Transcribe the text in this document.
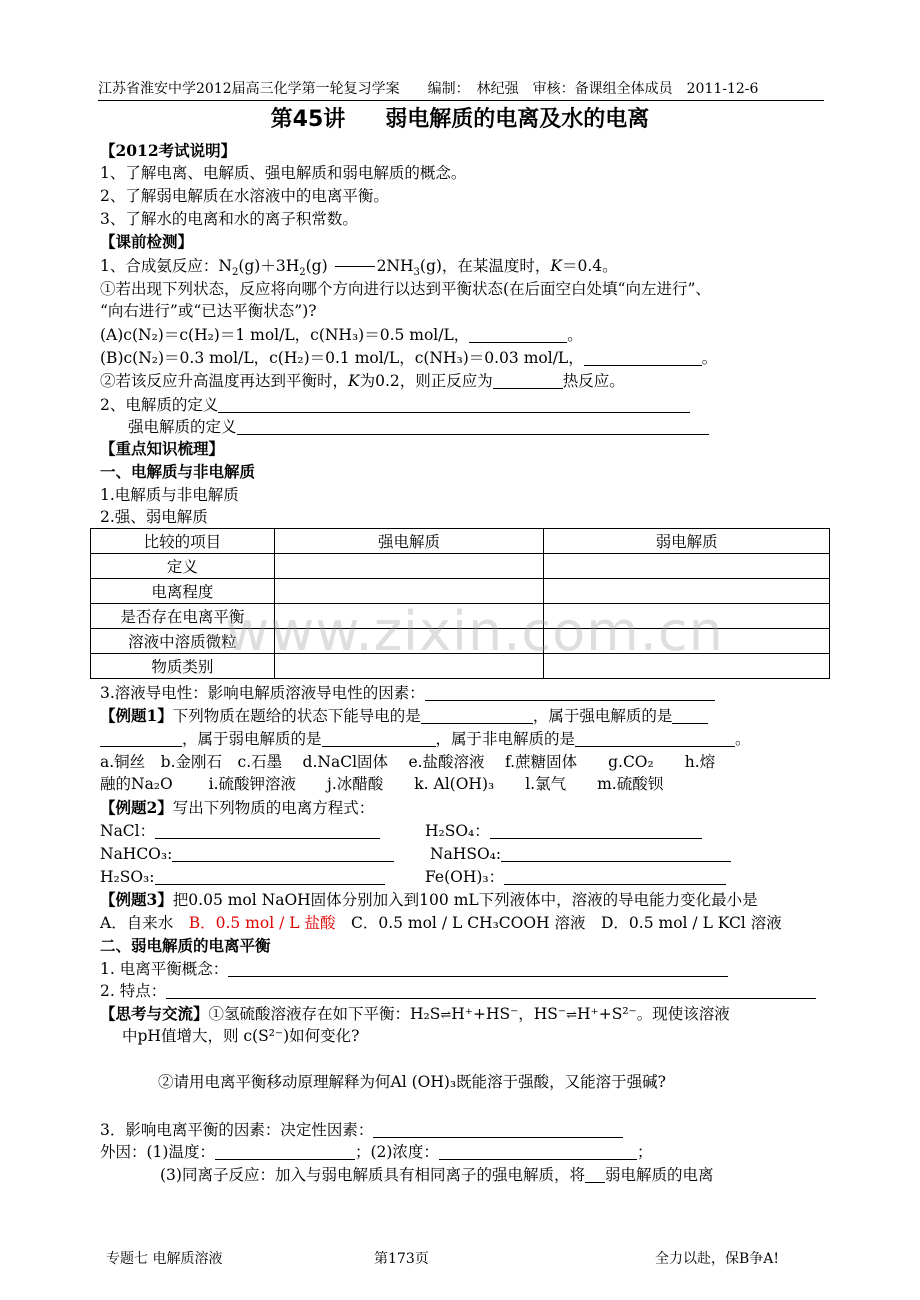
江苏省淮安中学2012届高三化学第一轮复习学案　　编制：　林纪强　审核：备课组全体成员　2011-12-6
第45讲 弱电解质的电离及水的电离
【2012考试说明】
1、了解电离、电解质、强电解质和弱电解质的概念。
2、了解弱电解质在水溶液中的电离平衡。
3、了解水的电离和水的离子积常数。
【课前检测】
1、合成氨反应：$N_2(g)+3H_2(g)$	$2NH_3(g)$，在某温度时，K＝0.4。
①若出现下列状态，反应将向哪个方向进行以达到平衡状态(在后面空白处填“向左进行”、
“向右进行”或“已达平衡状态”)?
(A)c(N₂)＝c(H₂)＝1 mol/L，c(NH₃)＝0.5 mol/L，	。
(B)c(N₂)＝0.3 mol/L，c(H₂)＝0.1 mol/L，c(NH₃)＝0.03 mol/L，	。
②若该反应升高温度再达到平衡时，K为0.2，则正反应为	热反应。
2、电解质的定义
强电解质的定义
【重点知识梳理】
一、电解质与非电解质
1.电解质与非电解质
2.强、弱电解质
比较的项目	强电解质	弱电解质
定义		
电离程度		
是否存在电离平衡		
溶液中溶质微粒		
物质类别		
www.zixin.com.cn
3.溶液导电性：影响电解质溶液导电性的因素：
【例题1】下列物质在题给的状态下能导电的是	，属于强电解质的是
，属于弱电解质的是	，属于非电解质的是	。
a.铜丝　b.金刚石　c.石墨　 d.NaCl固体　 e.盐酸溶液　 f.蔗糖固体　　g.CO₂　　h.熔
融的Na₂O　　 i.硫酸钾溶液　　j.冰醋酸　　k. Al(OH)₃　　l.氯气　　m.硫酸钡
【例题2】写出下列物质的电离方程式：
NaCl：	H₂SO₄：
NaHCO₃:	NaHSO₄:
H₂SO₃:	Fe(OH)₃：
【例题3】把0.05 mol NaOH固体分别加入到100 mL下列液体中，溶液的导电能力变化最小是
A．自来水　B．0.5 mol / L 盐酸　C．0.5 mol / L CH₃COOH 溶液　D．0.5 mol / L KCl 溶液
二、弱电解质的电离平衡
1. 电离平衡概念：
2. 特点：
【思考与交流】①氢硫酸溶液存在如下平衡：H₂S⇌H⁺+HS⁻，HS⁻⇌H⁺+S²⁻。现使该溶液
中pH值增大，则 c(S²⁻)如何变化?
②请用电离平衡移动原理解释为何Al (OH)₃既能溶于强酸，又能溶于强碱?
3．影响电离平衡的因素：决定性因素：
外因：(1)温度：	；(2)浓度：	；
(3)同离子反应：加入与弱电解质具有相同离子的强电解质，将 弱电解质的电离
专题七 电解质溶液	第173页	全力以赴，保B争A!
